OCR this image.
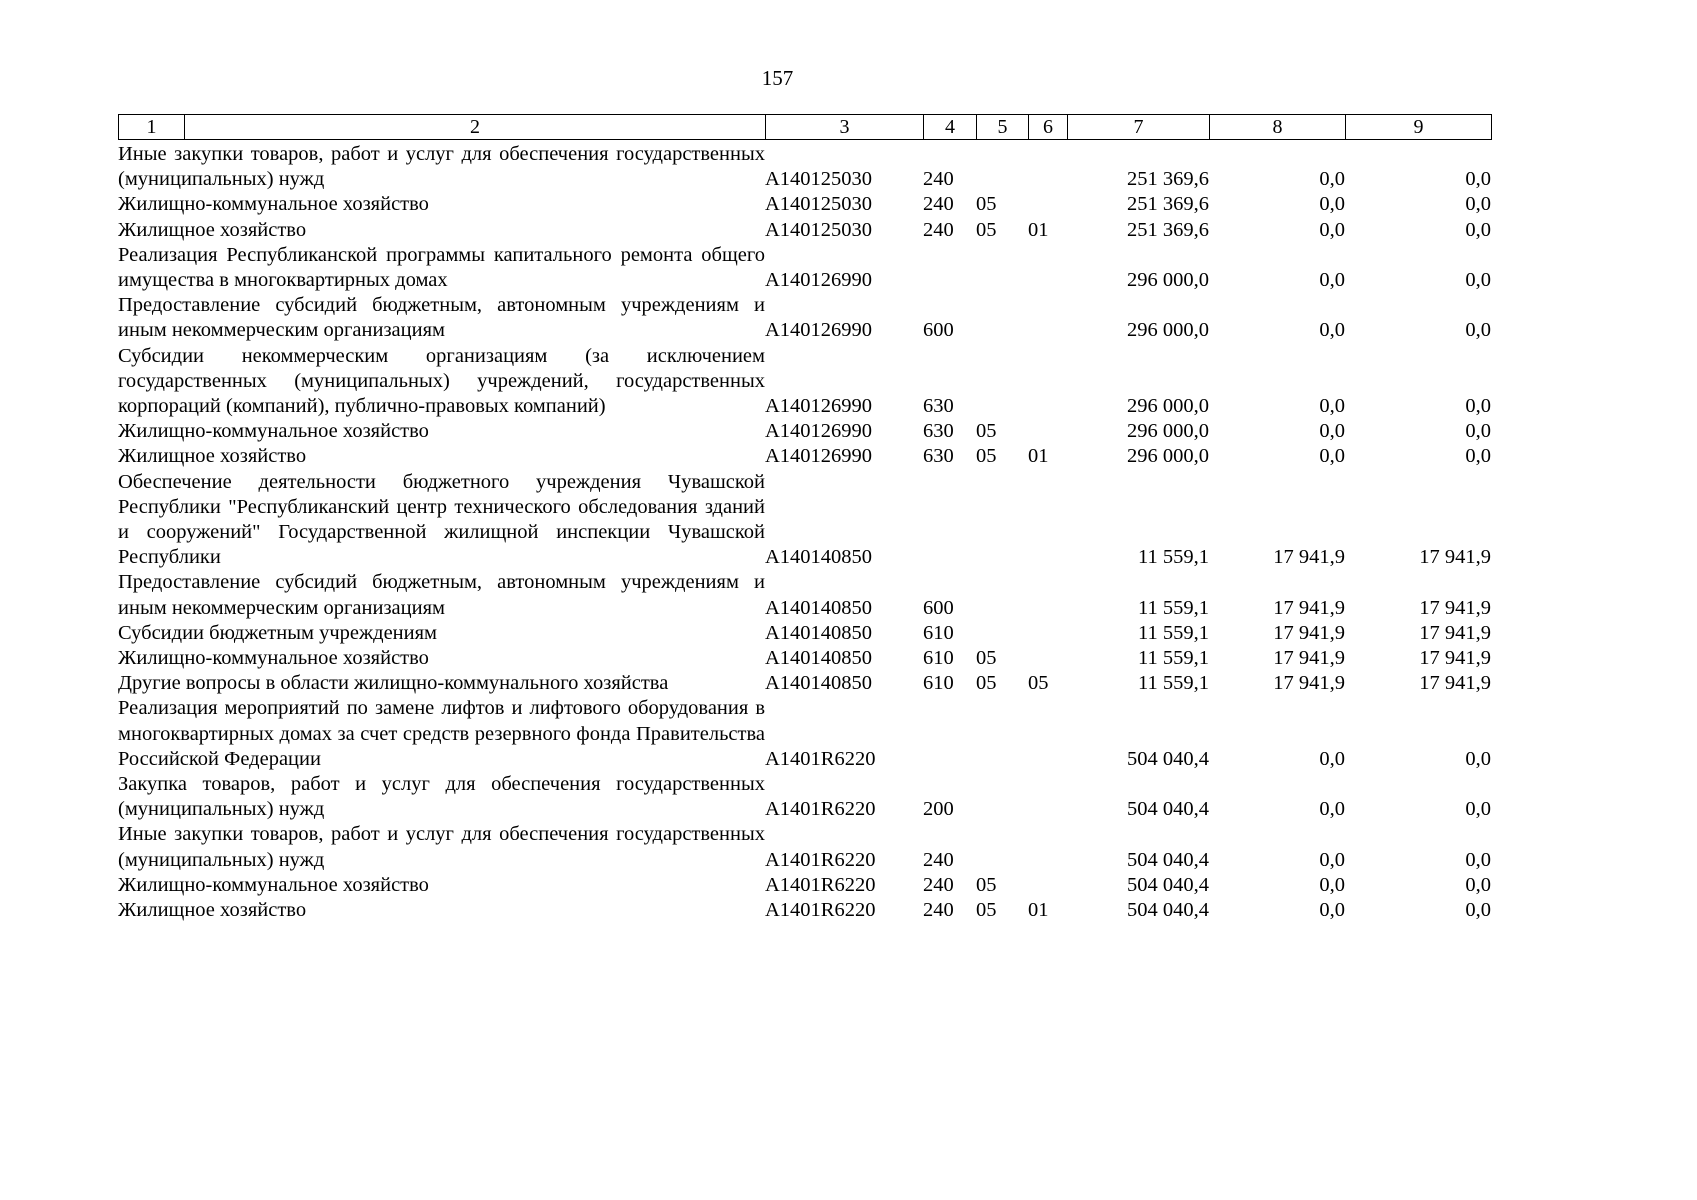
157
1	2	3	4	5	6	7	8	9
	Иные закупки товаров, работ и услуг для обеспечения государственных (муниципальных) нужд	А140125030	240			251 369,6	0,0	0,0
	Жилищно-коммунальное хозяйство	А140125030	240	05		251 369,6	0,0	0,0
	Жилищное хозяйство	А140125030	240	05	01	251 369,6	0,0	0,0
	Реализация Республиканской программы капитального ремонта общего имущества в многоквартирных домах	А140126990				296 000,0	0,0	0,0
	Предоставление субсидий бюджетным, автономным учреждениям и иным некоммерческим организациям	А140126990	600			296 000,0	0,0	0,0
	Субсидии некоммерческим организациям (за исключением государственных (муниципальных) учреждений, государственных корпораций (компаний), публично-правовых компаний)	А140126990	630			296 000,0	0,0	0,0
	Жилищно-коммунальное хозяйство	А140126990	630	05		296 000,0	0,0	0,0
	Жилищное хозяйство	А140126990	630	05	01	296 000,0	0,0	0,0
	Обеспечение деятельности бюджетного учреждения Чувашской Республики "Республиканский центр технического обследования зданий и сооружений" Государственной жилищной инспекции Чувашской Республики	А140140850				11 559,1	17 941,9	17 941,9
	Предоставление субсидий бюджетным, автономным учреждениям и иным некоммерческим организациям	А140140850	600			11 559,1	17 941,9	17 941,9
	Субсидии бюджетным учреждениям	А140140850	610			11 559,1	17 941,9	17 941,9
	Жилищно-коммунальное хозяйство	А140140850	610	05		11 559,1	17 941,9	17 941,9
	Другие вопросы в области жилищно-коммунального хозяйства	А140140850	610	05	05	11 559,1	17 941,9	17 941,9
	Реализация мероприятий по замене лифтов и лифтового оборудования в многоквартирных домах за счет средств резервного фонда Правительства Российской Федерации	А1401R6220				504 040,4	0,0	0,0
	Закупка товаров, работ и услуг для обеспечения государственных (муниципальных) нужд	А1401R6220	200			504 040,4	0,0	0,0
	Иные закупки товаров, работ и услуг для обеспечения государственных (муниципальных) нужд	А1401R6220	240			504 040,4	0,0	0,0
	Жилищно-коммунальное хозяйство	А1401R6220	240	05		504 040,4	0,0	0,0
	Жилищное хозяйство	А1401R6220	240	05	01	504 040,4	0,0	0,0
